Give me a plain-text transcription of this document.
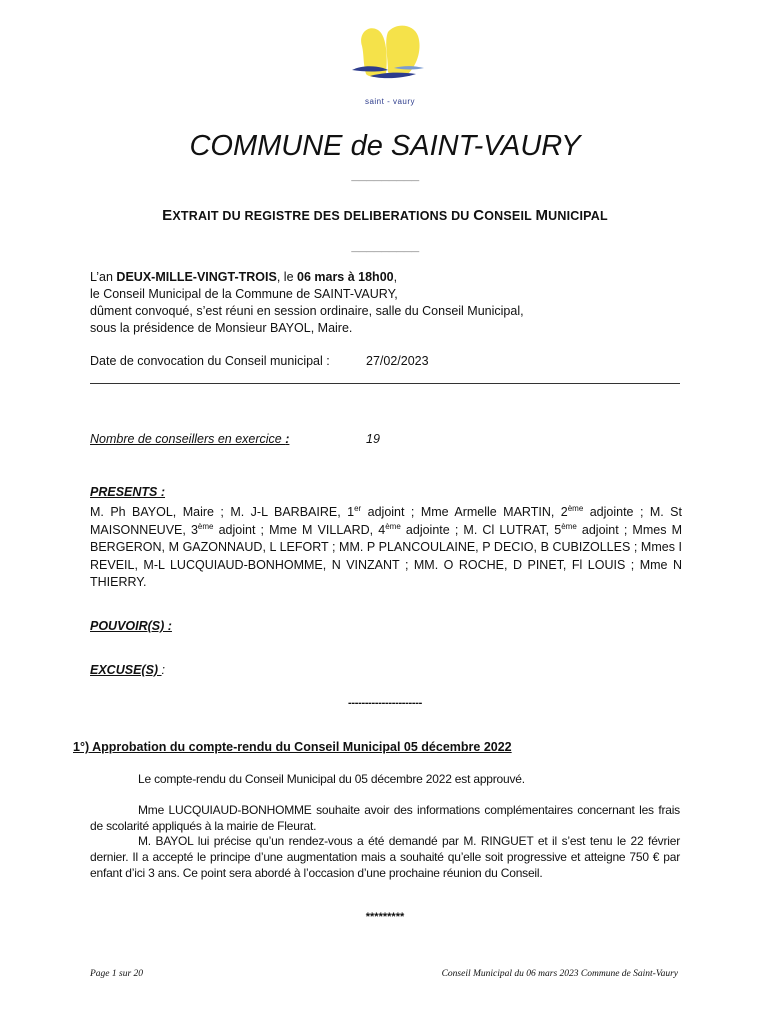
saint - vaury
COMMUNE de SAINT-VAURY
—————————
EXTRAIT DU REGISTRE DES DELIBERATIONS DU CONSEIL MUNICIPAL
—————————
L’an DEUX-MILLE-VINGT-TROIS, le 06 mars à 18h00,
le Conseil Municipal de la Commune de SAINT-VAURY,
dûment convoqué, s’est réuni en session ordinaire, salle du Conseil Municipal,
sous la présidence de Monsieur BAYOL, Maire.
Date de convocation du Conseil municipal :	27/02/2023
Nombre de conseillers en exercice :	19
PRESENTS :
M. Ph BAYOL, Maire ; M. J-L BARBAIRE, 1er adjoint ; Mme Armelle MARTIN, 2ème adjointe ; M. St MAISONNEUVE, 3ème adjoint ; Mme M VILLARD, 4ème adjointe ; M. Cl LUTRAT, 5ème adjoint ; Mmes M BERGERON, M GAZONNAUD, L LEFORT ; MM. P PLANCOULAINE, P DECIO, B CUBIZOLLES ; Mmes I REVEIL, M-L LUCQUIAUD-BONHOMME, N VINZANT ; MM. O ROCHE, D PINET, Fl LOUIS ; Mme N THIERRY.
POUVOIR(S) :
EXCUSE(S) :
----------------------
1°) Approbation du compte-rendu du Conseil Municipal 05 décembre 2022
Le compte-rendu du Conseil Municipal du 05 décembre 2022 est approuvé.
Mme LUCQUIAUD-BONHOMME souhaite avoir des informations complémentaires concernant les frais de scolarité appliqués à la mairie de Fleurat.
M. BAYOL lui précise qu’un rendez-vous a été demandé par M. RINGUET et il s’est tenu le 22 février dernier. Il a accepté le principe d’une augmentation mais a souhaité qu’elle soit progressive et atteigne 750 € par enfant d’ici 3 ans. Ce point sera abordé à l’occasion d’une prochaine réunion du Conseil.
*********
Page 1 sur 20	Conseil Municipal du 06 mars 2023 Commune de Saint-Vaury
